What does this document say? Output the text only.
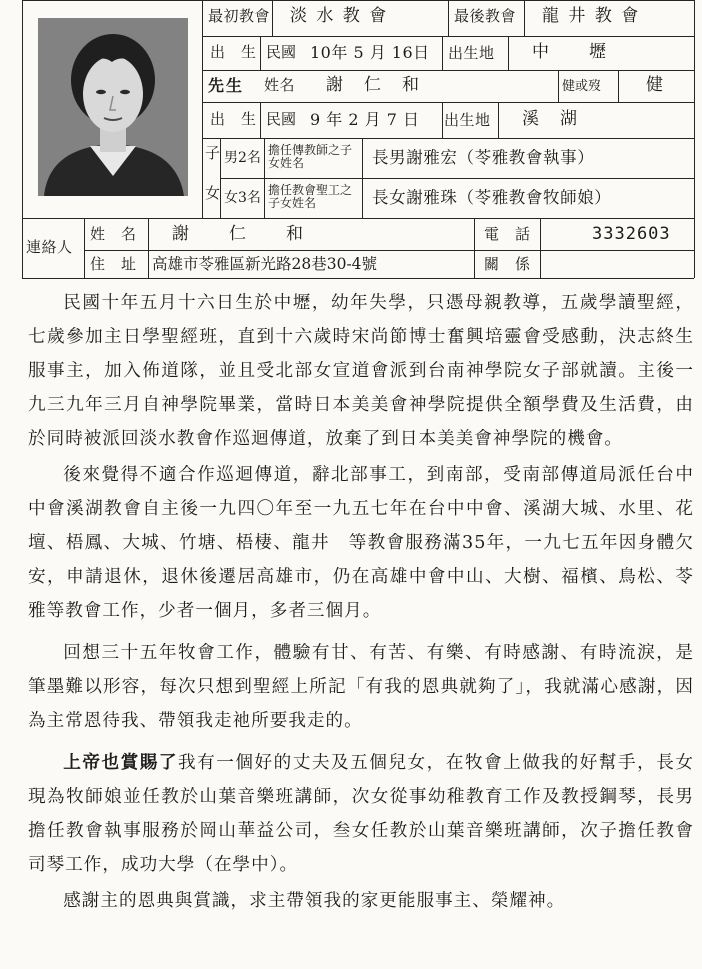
最初教會 淡 水 教 會	最後教會 龍 井 教 會
出　生 民國 10年 5 月 16日 出生地 中　　壢
先生 姓名 謝　仁　和	健或歿	健
出　生 民國 9 年 2 月 7 日 出生地 溪　湖
子
女
男2名 擔任傳教師之子女姓名	長男謝雅宏（苓雅教會執事）
女3名 擔任教會聖工之子女姓名	長女謝雅珠（苓雅教會牧師娘）
連絡人
姓　名 謝　　仁　　和	電　話	3332603
住　址 高雄市苓雅區新光路28巷30-4號	關　係

民國十年五月十六日生於中壢，幼年失學，只憑母親教導，五歲學讀聖經，七歲參加主日學聖經班，直到十六歲時宋尚節博士奮興培靈會受感動，決志終生服事主，加入佈道隊，並且受北部女宣道會派到台南神學院女子部就讀。主後一九三九年三月自神學院畢業，當時日本美美會神學院提供全額學費及生活費，由於同時被派回淡水教會作巡迴傳道，放棄了到日本美美會神學院的機會。

後來覺得不適合作巡迴傳道，辭北部事工，到南部，受南部傳道局派任台中中會溪湖教會自主後一九四〇年至一九五七年在台中中會、溪湖大城、水里、花壇、梧鳳、大城、竹塘、梧棲、龍井　等教會服務滿35年，一九七五年因身體欠安，申請退休，退休後遷居高雄市，仍在高雄中會中山、大樹、福檳、鳥松、苓雅等教會工作，少者一個月，多者三個月。

回想三十五年牧會工作，體驗有甘、有苦、有樂、有時感謝、有時流淚，是筆墨難以形容，每次只想到聖經上所記「有我的恩典就夠了」，我就滿心感謝，因為主常恩待我、帶領我走祂所要我走的。

上帝也賞賜了我有一個好的丈夫及五個兒女，在牧會上做我的好幫手，長女現為牧師娘並任教於山葉音樂班講師，次女從事幼稚教育工作及教授鋼琴，長男擔任教會執事服務於岡山華益公司，叁女任教於山葉音樂班講師，次子擔任教會司琴工作，成功大學（在學中）。

感謝主的恩典與賞識，求主帶領我的家更能服事主、榮耀神。
